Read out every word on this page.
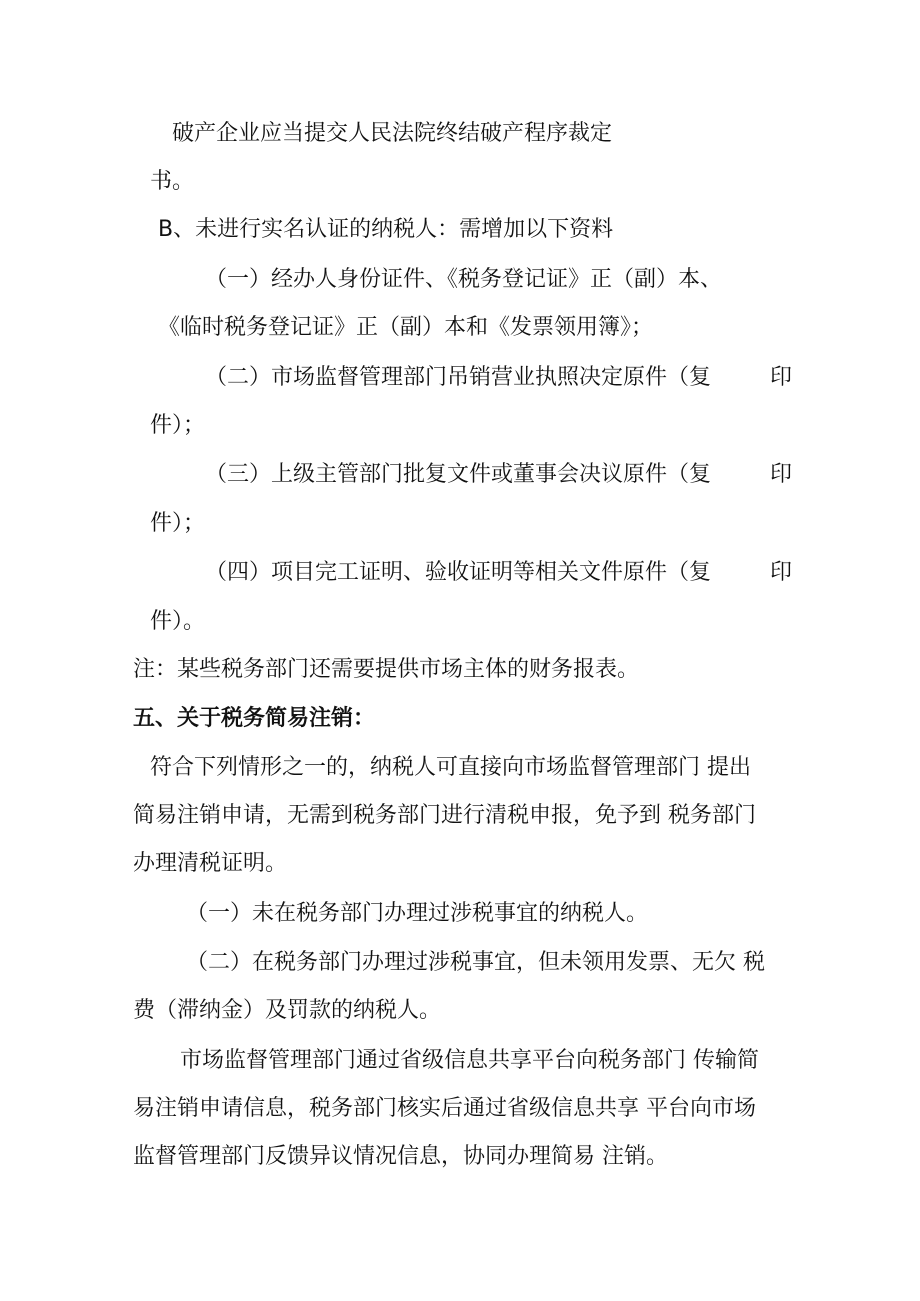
破产企业应当提交人民法院终结破产程序裁定
书。
B、未进行实名认证的纳税人：需增加以下资料
（一）经办人身份证件、《税务登记证》正（副）本、
《临时税务登记证》正（副）本和《发票领用簿》；
（二）市场监督管理部门吊销营业执照决定原件（复	印
件）；
（三）上级主管部门批复文件或董事会决议原件（复	印
件）；
（四）项目完工证明、验收证明等相关文件原件（复	印
件）。
注：某些税务部门还需要提供市场主体的财务报表。
五、关于税务简易注销：
符合下列情形之一的，纳税人可直接向市场监督管理部门 提出
简易注销申请，无需到税务部门进行清税申报，免予到 税务部门
办理清税证明。
（一）未在税务部门办理过涉税事宜的纳税人。
（二）在税务部门办理过涉税事宜，但未领用发票、无欠 税
费（滞纳金）及罚款的纳税人。
市场监督管理部门通过省级信息共享平台向税务部门 传输简
易注销申请信息，税务部门核实后通过省级信息共享 平台向市场
监督管理部门反馈异议情况信息，协同办理简易 注销。
